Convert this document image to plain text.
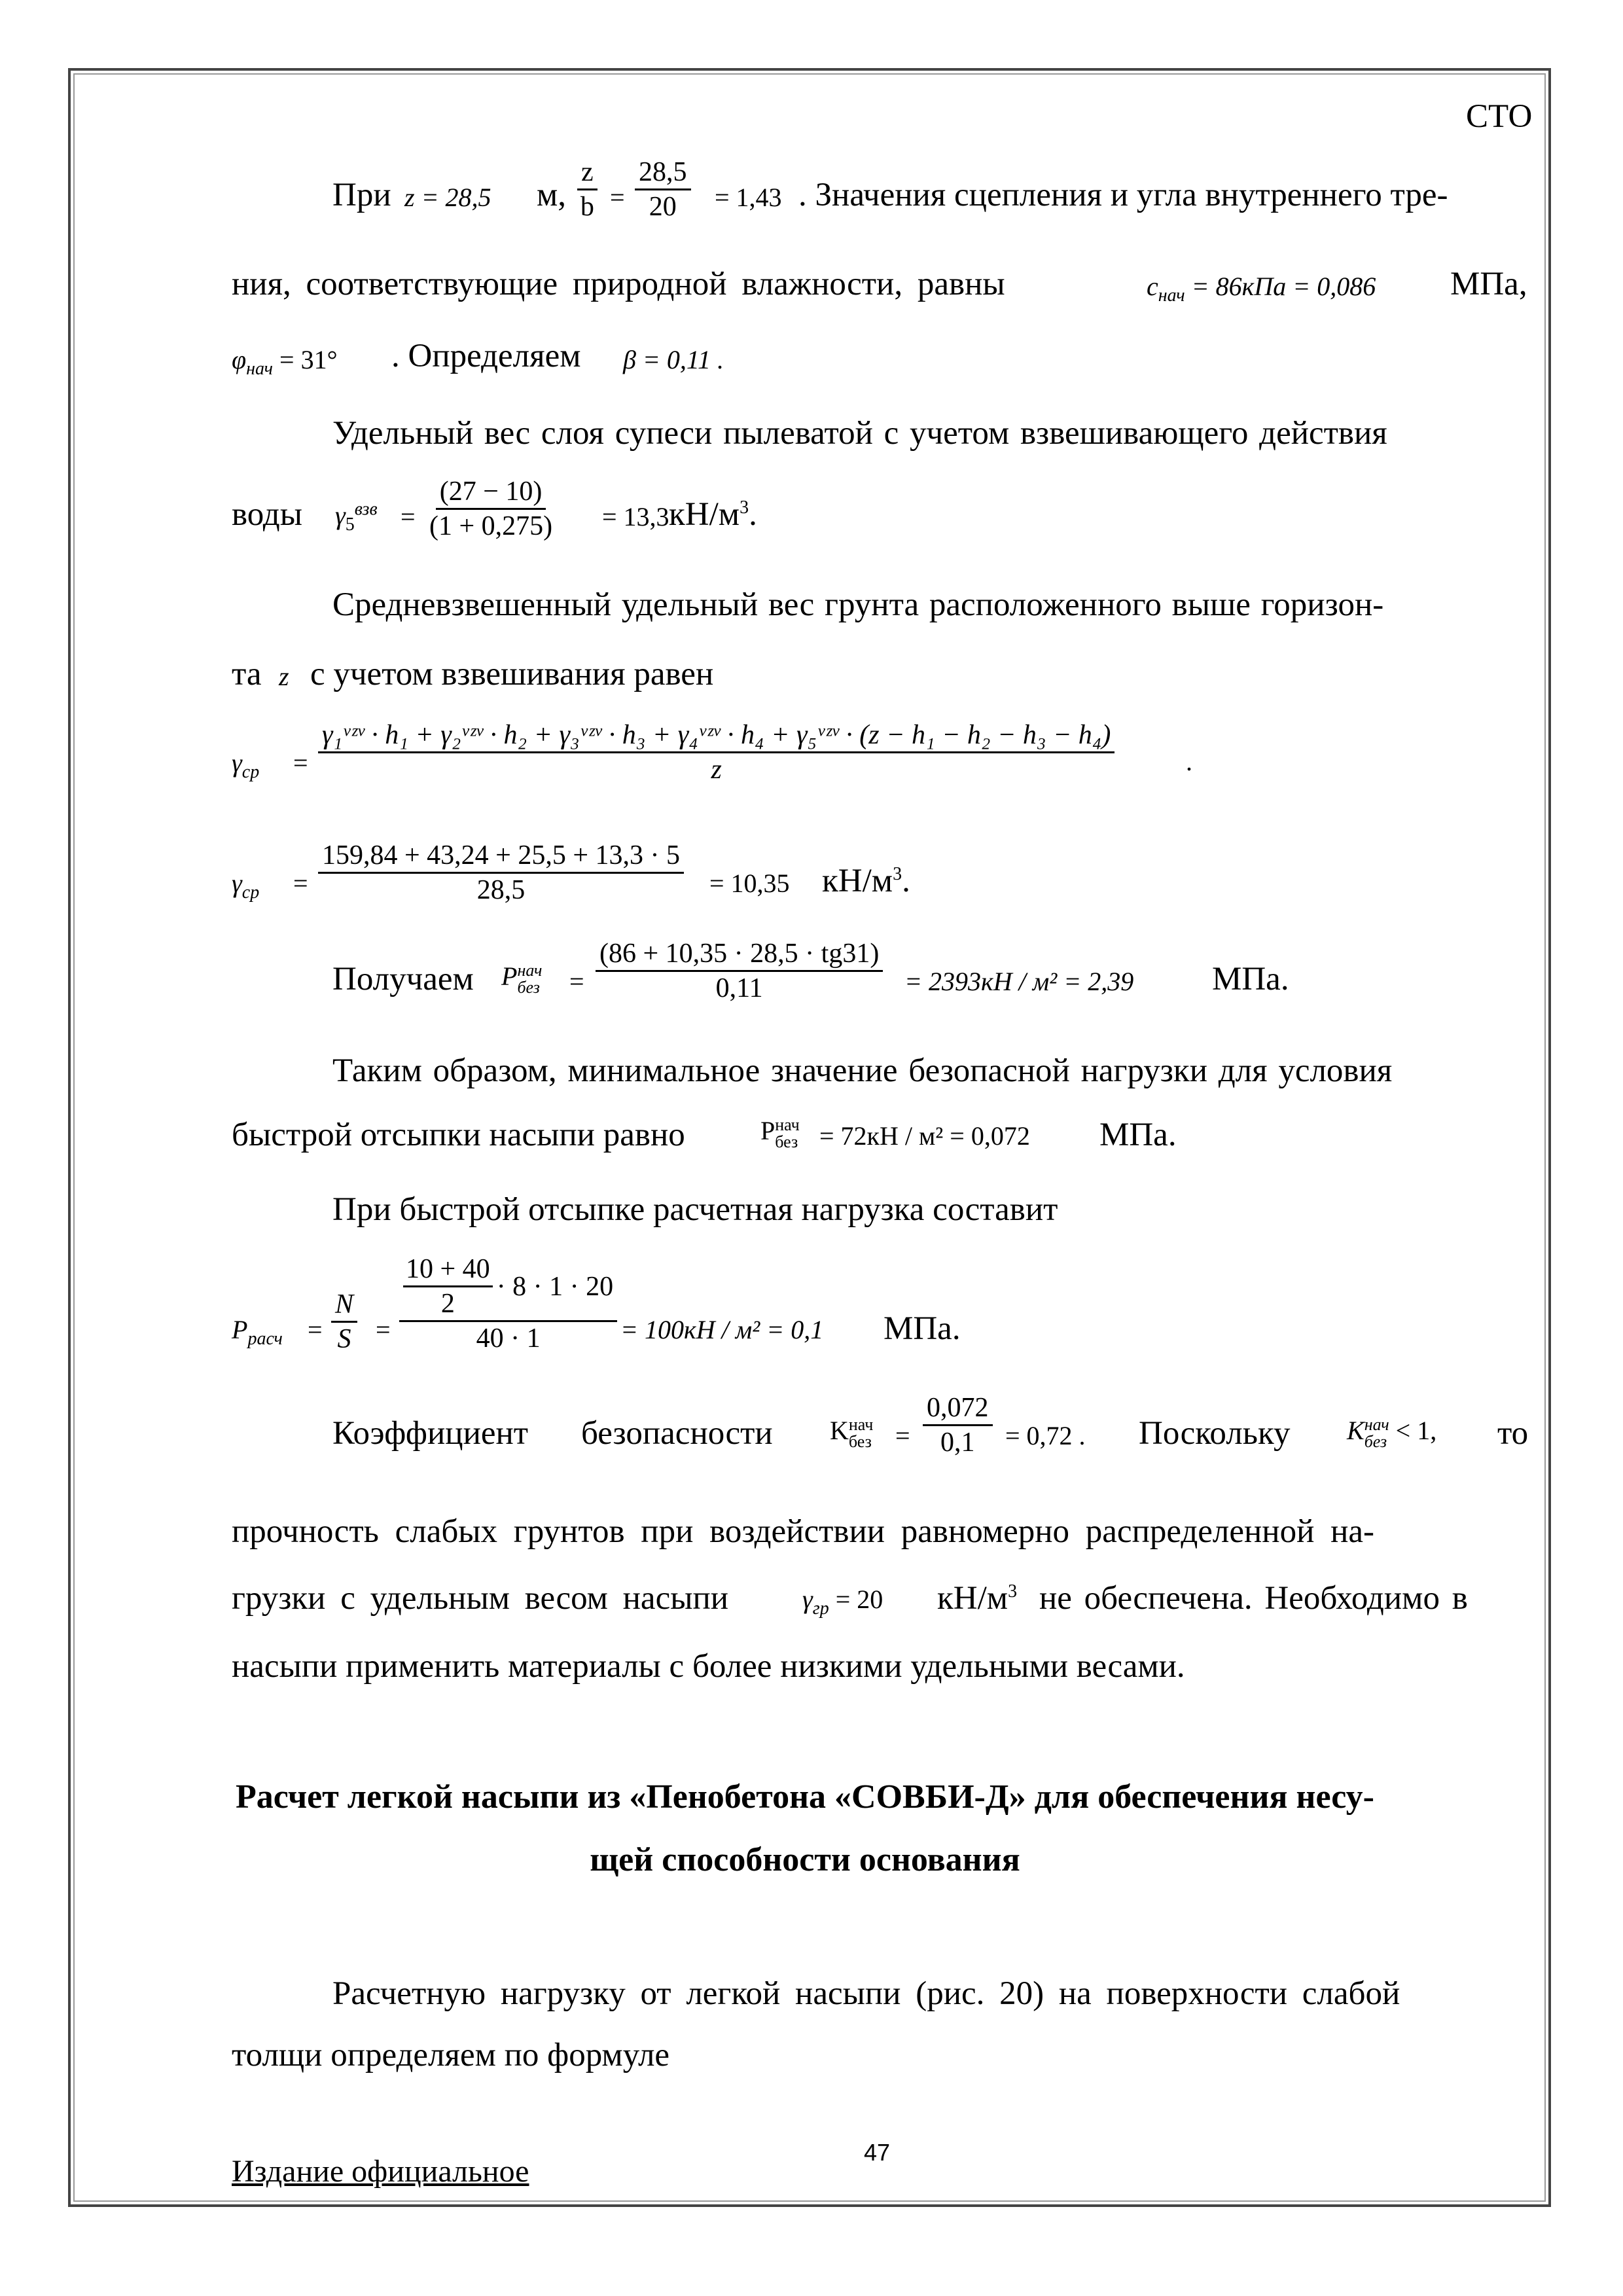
СТО
При z = 28,5 м, $\frac{z}{b} = \frac{28,5}{20} = 1,43$ . Значения сцепления и угла внутреннего тре-
ния, соответствующие природной влажности, равны	$c_{нач} = 86кПа = 0,086$ МПа,
$\varphi_{нач} = 31^\circ$ . Определяем β = 0,11 .
Удельный вес слоя супеси пылеватой с учетом взвешивающего действия
воды $\gamma_5^{взв} = \frac{(27 - 10)}{(1 + 0,275)} = 13,3$ $кН/м^3$.
Средневзвешенный удельный вес грунта расположенного выше горизон-
та z с учетом взвешивания равен
$\gamma_{ср}$ =
γ₁ᵛᶻᵛ · h₁ + γ₂ᵛᶻᵛ · h₂ + γ₃ᵛᶻᵛ · h₃ + γ₄ᵛᶻᵛ · h₄ + γ₅ᵛᶻᵛ · (z − h₁ − h₂ − h₃ − h₄)
z	.
$\gamma_{ср} = \frac{159,84 + 43,24 + 25,5 + 13,3 \cdot 5}{28,5} = 10,35$ $кН/м^3$.
Получаем P нач
без = $\frac{(86 + 10,35 \cdot 28,5 \cdot tg31)}{0,11} = 2393кН / м^2 = 2,39$ МПа.
Таким образом, минимальное значение безопасной нагрузки для условия
быстрой отсыпки насыпи равно	P нач
без = 72кН / м² = 0,072 МПа.
При быстрой отсыпке расчетная нагрузка составит
$P_{расч} = \frac{N}{S} = 10 + 40$
2
· 8 · 1 · 20
40 · 1 = 100кН / м² = 0,1 МПа.
Коэффициент безопасности K нач
без = $\frac{0,072}{0,1} = 0,72$ . Поскольку K нач
без < 1, то
прочность слабых грунтов при воздействии равномерно распределенной на-
грузки с удельным весом насыпи	$\gamma_{гр} = 20$ $кН/м^3$ не обеспечена. Необходимо в
насыпи применить материалы с более низкими удельными весами.
Расчет легкой насыпи из «Пенобетона «СОВБИ-Д» для обеспечения несу-
щей способности основания
Расчетную нагрузку от легкой насыпи (рис. 20) на поверхности слабой
толщи определяем по формуле
Издание официальное
47
